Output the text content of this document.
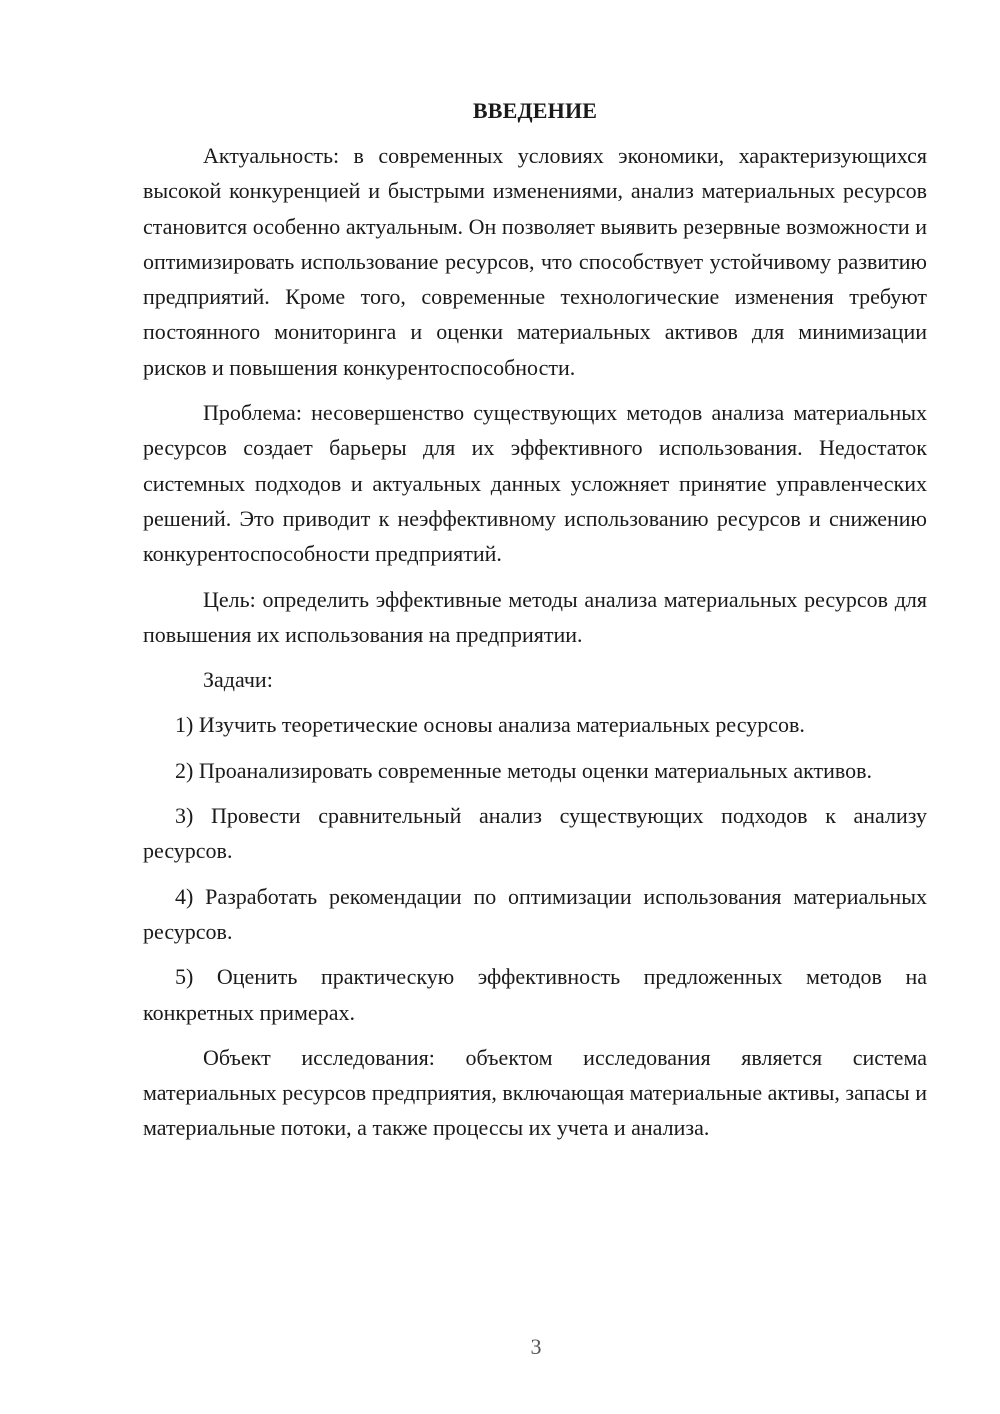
ВВЕДЕНИЕ

Актуальность: в современных условиях экономики, характеризующихся высокой конкуренцией и быстрыми изменениями, анализ материальных ресурсов становится особенно актуальным. Он позволяет выявить резервные возможности и оптимизировать использование ресурсов, что способствует устойчивому развитию предприятий. Кроме того, современные технологические изменения требуют постоянного мониторинга и оценки материальных активов для минимизации рисков и повышения конкурентоспособности.

Проблема: несовершенство существующих методов анализа материальных ресурсов создает барьеры для их эффективного использования. Недостаток системных подходов и актуальных данных усложняет принятие управленческих решений. Это приводит к неэффективному использованию ресурсов и снижению конкурентоспособности предприятий.

Цель: определить эффективные методы анализа материальных ресурсов для повышения их использования на предприятии.

Задачи:

1) Изучить теоретические основы анализа материальных ресурсов.

2) Проанализировать современные методы оценки материальных активов.

3) Провести сравнительный анализ существующих подходов к анализу ресурсов.

4) Разработать рекомендации по оптимизации использования материальных ресурсов.

5) Оценить практическую эффективность предложенных методов на конкретных примерах.

Объект исследования: объектом исследования является система материальных ресурсов предприятия, включающая материальные активы, запасы и материальные потоки, а также процессы их учета и анализа.

3
